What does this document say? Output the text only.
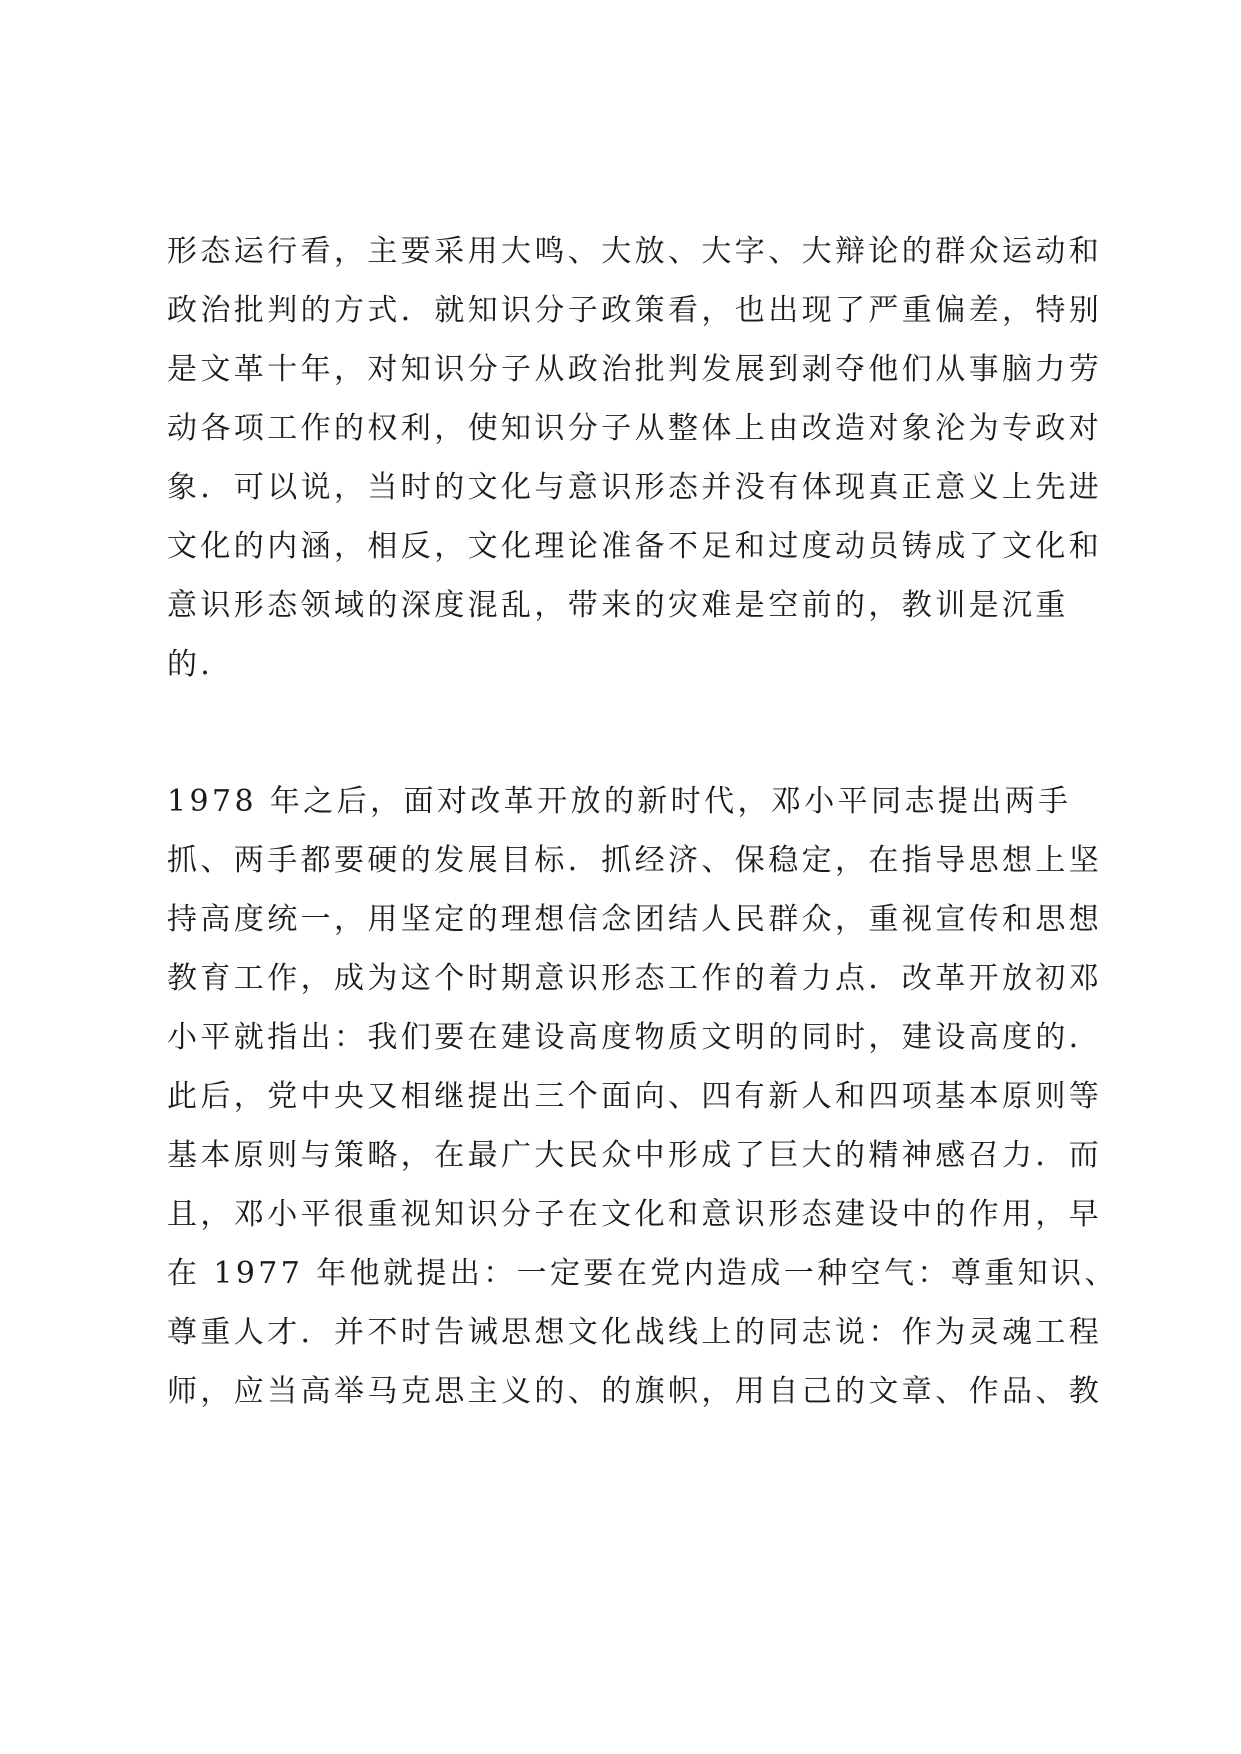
形态运行看，主要采用大鸣、大放、大字、大辩论的群众运动和
政治批判的方式．就知识分子政策看，也出现了严重偏差，特别
是文革十年，对知识分子从政治批判发展到剥夺他们从事脑力劳
动各项工作的权利，使知识分子从整体上由改造对象沦为专政对
象．可以说，当时的文化与意识形态并没有体现真正意义上先进
文化的内涵，相反，文化理论准备不足和过度动员铸成了文化和
意识形态领域的深度混乱，带来的灾难是空前的，教训是沉重
的．
1978 年之后，面对改革开放的新时代，邓小平同志提出两手
抓、两手都要硬的发展目标．抓经济、保稳定，在指导思想上坚
持高度统一，用坚定的理想信念团结人民群众，重视宣传和思想
教育工作，成为这个时期意识形态工作的着力点．改革开放初邓
小平就指出：我们要在建设高度物质文明的同时，建设高度的．
此后，党中央又相继提出三个面向、四有新人和四项基本原则等
基本原则与策略，在最广大民众中形成了巨大的精神感召力．而
且，邓小平很重视知识分子在文化和意识形态建设中的作用，早
在 1977 年他就提出：一定要在党内造成一种空气：尊重知识、
尊重人才．并不时告诫思想文化战线上的同志说：作为灵魂工程
师，应当高举马克思主义的、的旗帜，用自己的文章、作品、教
